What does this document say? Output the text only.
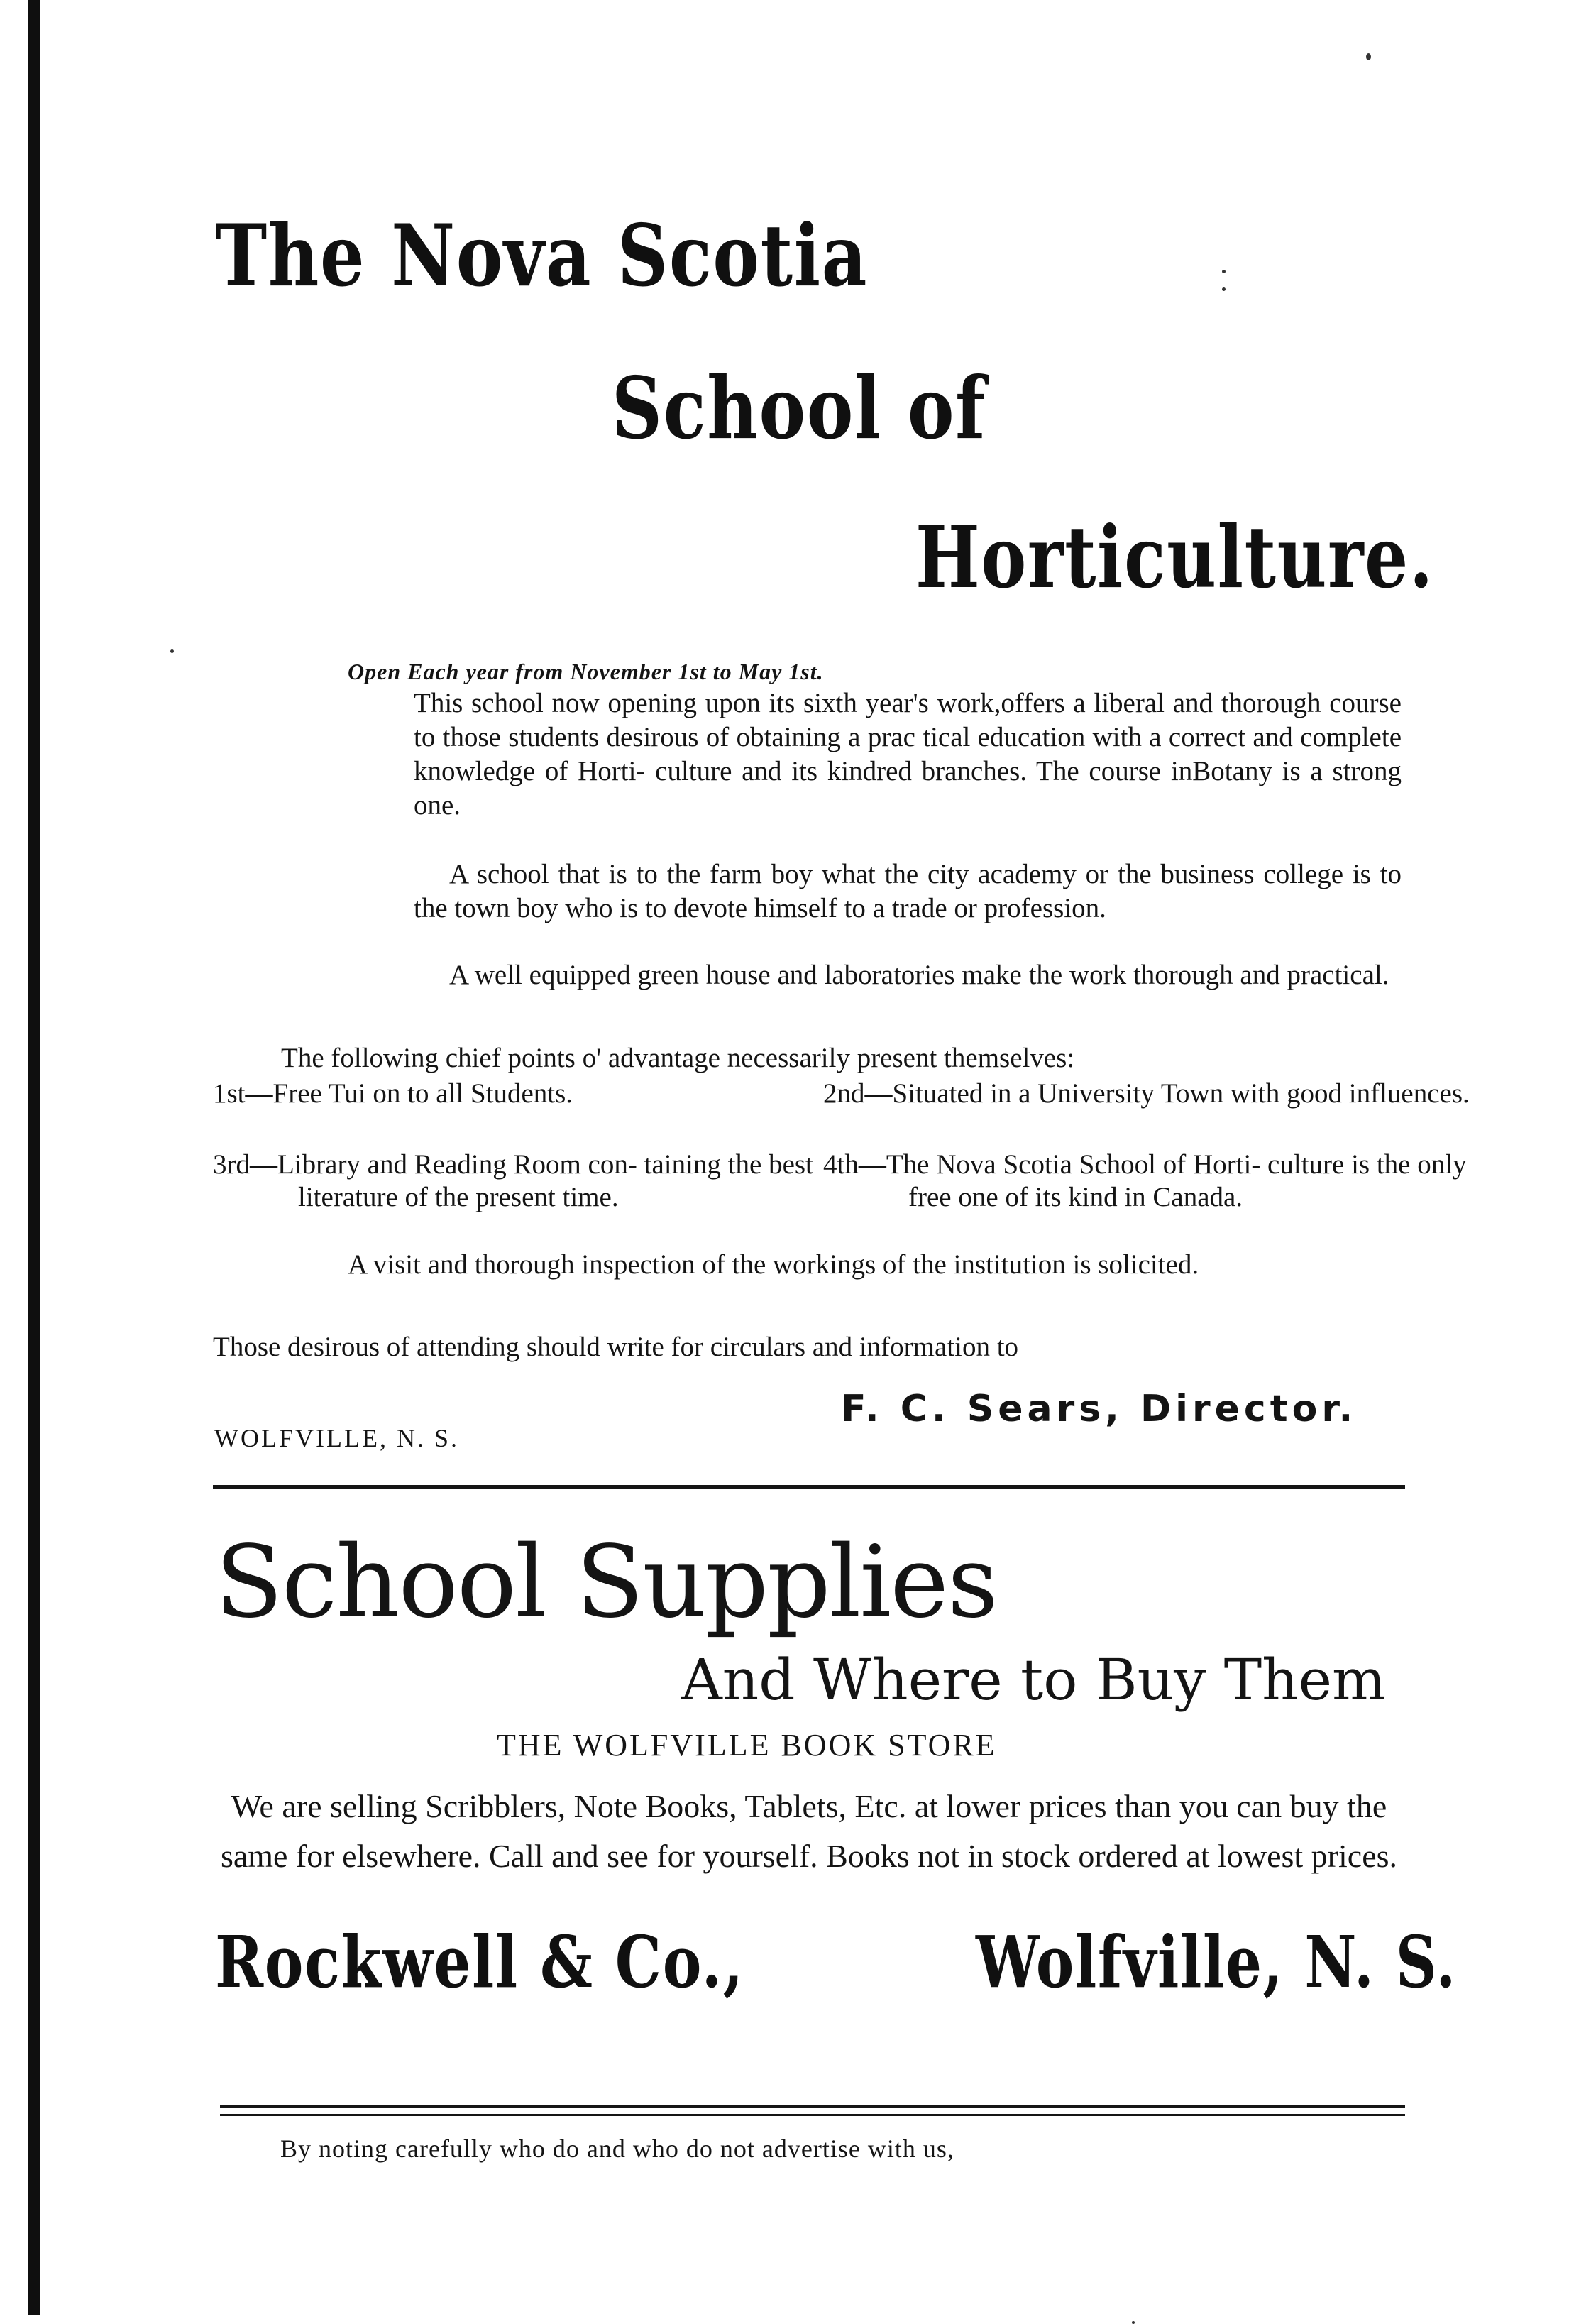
The Nova Scotia
School of
Horticulture.
Open Each year from November 1st to May 1st.
This school now opening upon its sixth year's work,offers a liberal and thorough course to those students desirous of obtaining a prac tical education with a correct and complete knowledge of Horti- culture and its kindred branches. The course inBotany is a strong one.
A school that is to the farm boy what the city academy or the business college is to the town boy who is to devote himself to a trade or profession.
A well equipped green house and laboratories make the work thorough and practical.
The following chief points o' advantage necessarily present themselves:
1st—Free Tui on to all Students.	2nd—Situated in a University Town with good influences.
3rd—Library and Reading Room con- taining the best literature of the present time.
4th—The Nova Scotia School of Horti- culture is the only free one of its kind in Canada.
A visit and thorough inspection of the workings of the institution is solicited.
Those desirous of attending should write for circulars and information to
F. C. Sears, Director.
WOLFVILLE, N. S.
School Supplies
And Where to Buy Them
THE WOLFVILLE BOOK STORE
We are selling Scribblers, Note Books, Tablets, Etc. at lower prices than you can buy the same for elsewhere. Call and see for yourself. Books not in stock ordered at lowest prices.
Rockwell & Co.,	Wolfville, N. S.
By noting carefully who do and who do not advertise with us,
